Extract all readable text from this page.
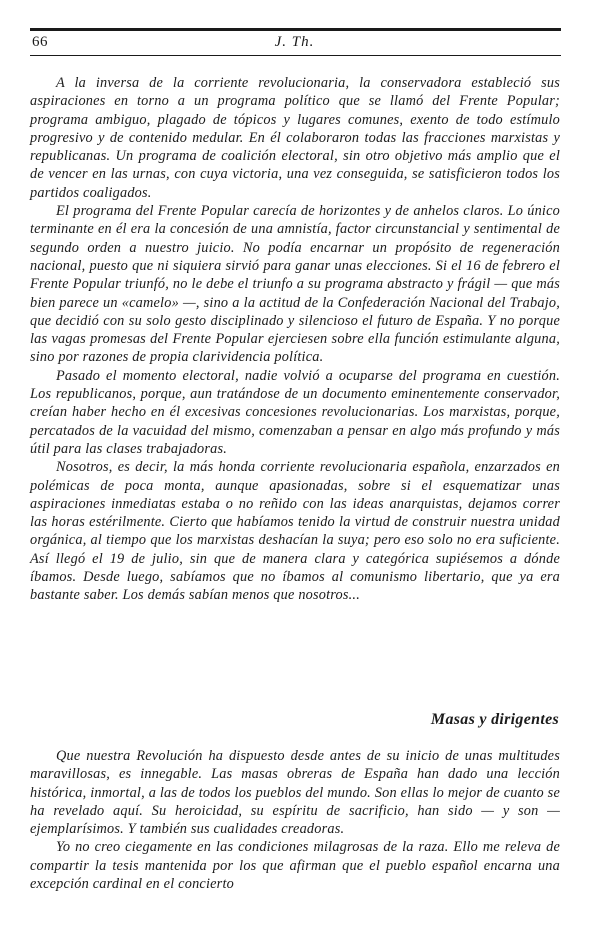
66	J. Th.

A la inversa de la corriente revolucionaria, la conservadora estableció sus aspiraciones en torno a un programa político que se llamó del Frente Popular; programa ambiguo, plagado de tópicos y lugares comunes, exento de todo estímulo progresivo y de contenido medular. En él colaboraron todas las fracciones marxistas y republicanas. Un programa de coalición electoral, sin otro objetivo más amplio que el de vencer en las urnas, con cuya victoria, una vez conseguida, se satisficieron todos los partidos coaligados.

El programa del Frente Popular carecía de horizontes y de anhelos claros. Lo único terminante en él era la concesión de una amnistía, factor circunstancial y sentimental de segundo orden a nuestro juicio. No podía encarnar un propósito de regeneración nacional, puesto que ni siquiera sirvió para ganar unas elecciones. Si el 16 de febrero el Frente Popular triunfó, no le debe el triunfo a su programa abstracto y frágil — que más bien parece un «camelo» —, sino a la actitud de la Confederación Nacional del Trabajo, que decidió con su solo gesto disciplinado y silencioso el futuro de España. Y no porque las vagas promesas del Frente Popular ejerciesen sobre ella función estimulante alguna, sino por razones de propia clarividencia política.

Pasado el momento electoral, nadie volvió a ocuparse del programa en cuestión. Los republicanos, porque, aun tratándose de un documento eminentemente conservador, creían haber hecho en él excesivas concesiones revolucionarias. Los marxistas, porque, percatados de la vacuidad del mismo, comenzaban a pensar en algo más profundo y más útil para las clases trabajadoras.

Nosotros, es decir, la más honda corriente revolucionaria española, enzarzados en polémicas de poca monta, aunque apasionadas, sobre si el esquematizar unas aspiraciones inmediatas estaba o no reñido con las ideas anarquistas, dejamos correr las horas estérilmente. Cierto que habíamos tenido la virtud de construir nuestra unidad orgánica, al tiempo que los marxistas deshacían la suya; pero eso solo no era suficiente. Así llegó el 19 de julio, sin que de manera clara y categórica supiésemos a dónde íbamos. Desde luego, sabíamos que no íbamos al comunismo libertario, que ya era bastante saber. Los demás sabían menos que nosotros...

Masas y dirigentes

Que nuestra Revolución ha dispuesto desde antes de su inicio de unas multitudes maravillosas, es innegable. Las masas obreras de España han dado una lección histórica, inmortal, a las de todos los pueblos del mundo. Son ellas lo mejor de cuanto se ha revelado aquí. Su heroicidad, su espíritu de sacrificio, han sido — y son — ejemplarísimos. Y también sus cualidades creadoras.

Yo no creo ciegamente en las condiciones milagrosas de la raza. Ello me releva de compartir la tesis mantenida por los que afirman que el pueblo español encarna una excepción cardinal en el concierto
